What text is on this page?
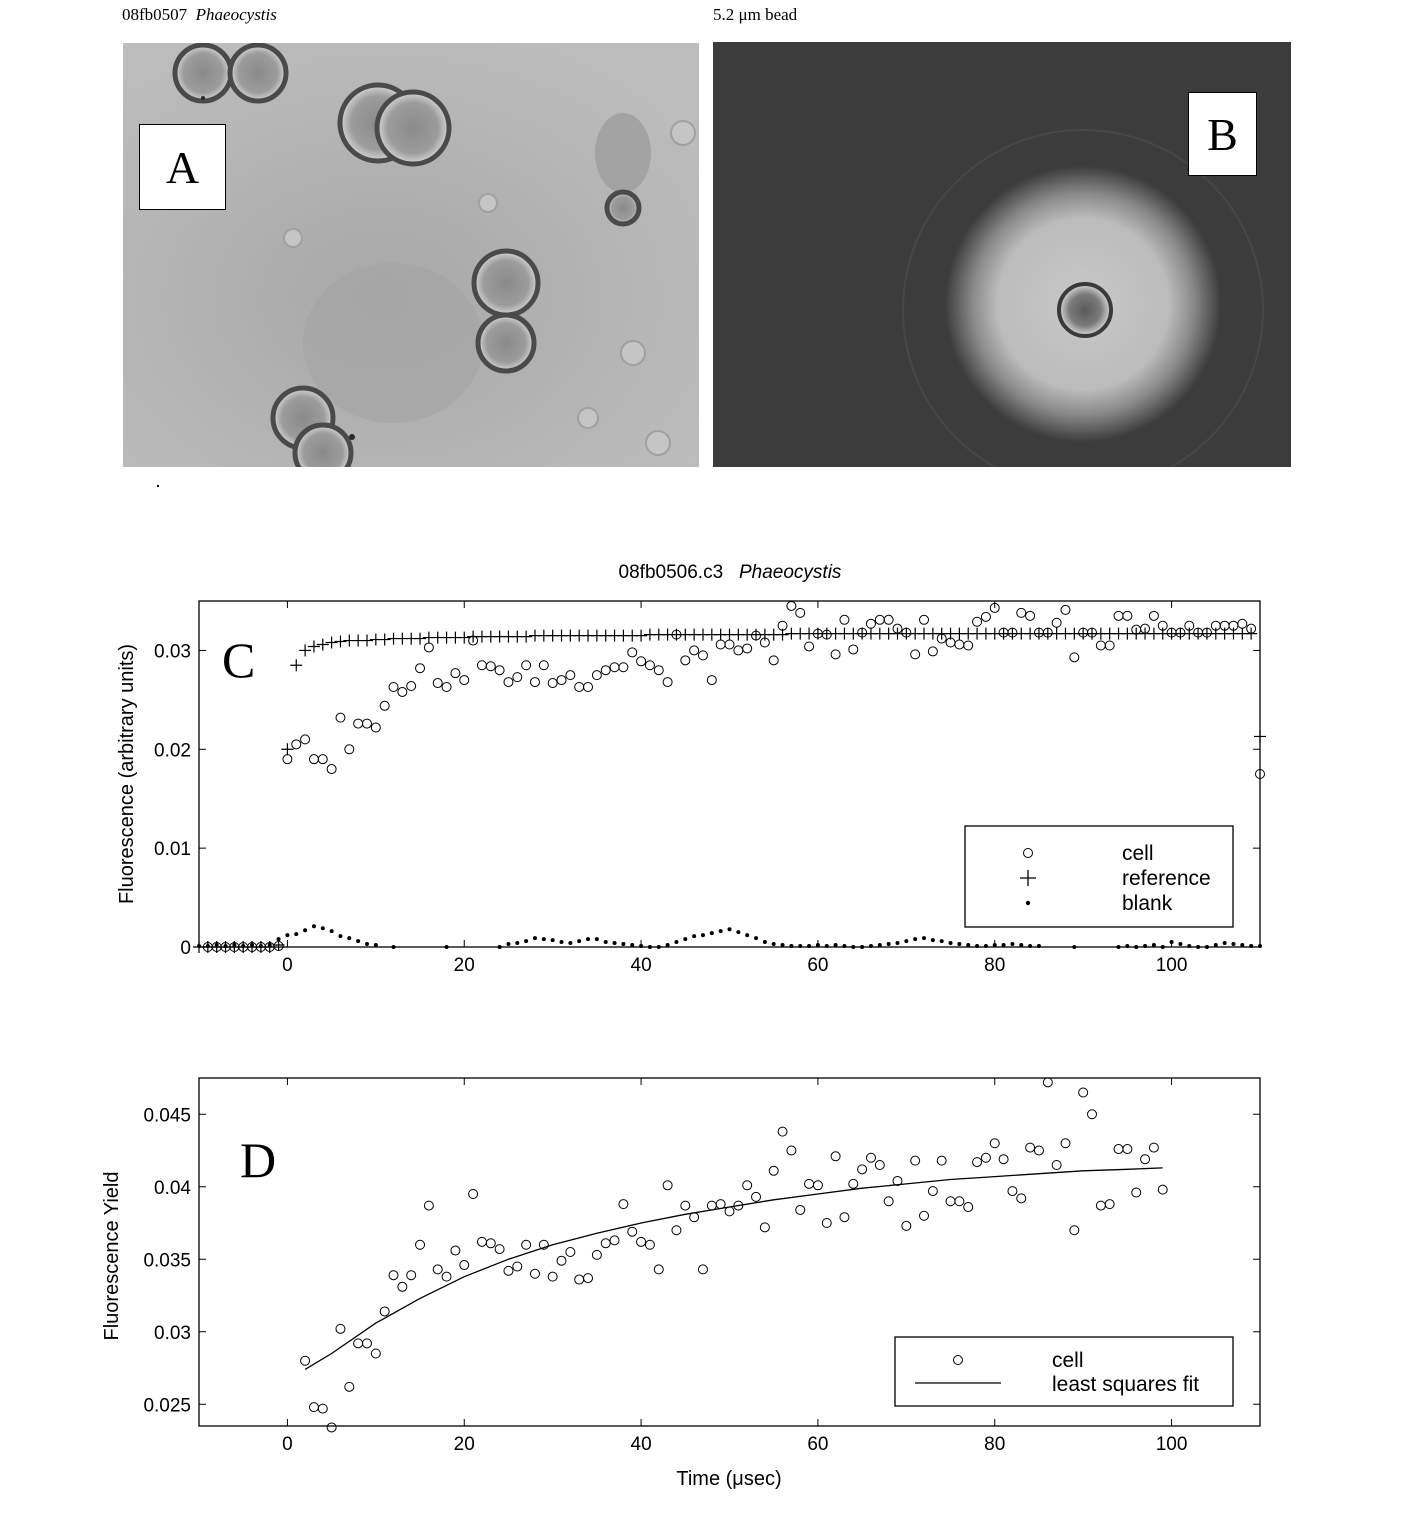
08fb0507 Phaeocystis	5.2 μm bead
A
B
08fb0506.c3 Phaeocystis
0	20	40	60	80	100
0
0.01
0.02
0.03
Fluorescence (arbitrary units) C
cell
reference
blank
0	20	40	60	80	100
0.025
0.03
0.035
0.04
0.045
Fluorescence Yield
Time (μsec)
D
cell
least squares fit
